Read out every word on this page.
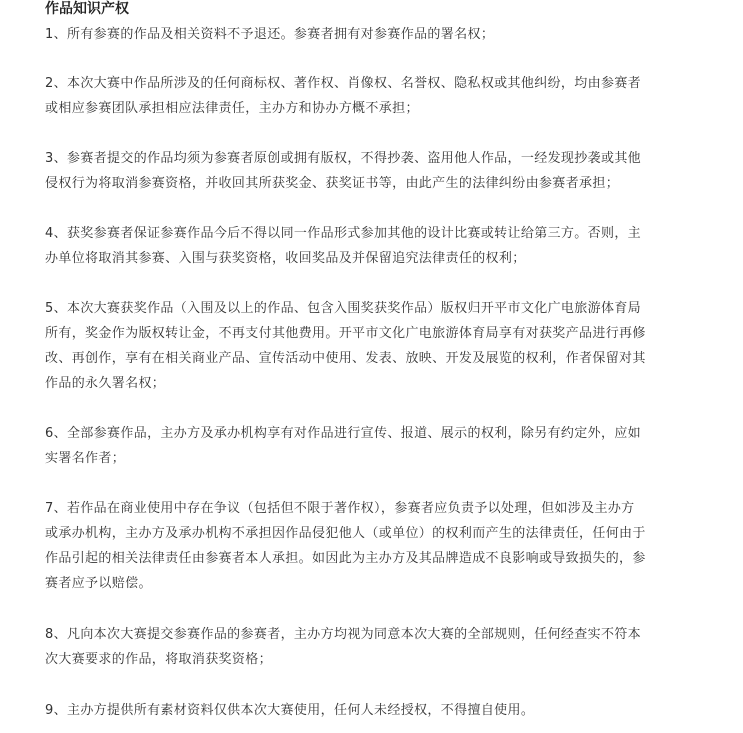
作品知识产权

1、所有参赛的作品及相关资料不予退还。参赛者拥有对参赛作品的署名权；

2、本次大赛中作品所涉及的任何商标权、著作权、肖像权、名誉权、隐私权或其他纠纷，均由参赛者
或相应参赛团队承担相应法律责任，主办方和协办方概不承担；

3、参赛者提交的作品均须为参赛者原创或拥有版权，不得抄袭、盗用他人作品，一经发现抄袭或其他
侵权行为将取消参赛资格，并收回其所获奖金、获奖证书等，由此产生的法律纠纷由参赛者承担；

4、获奖参赛者保证参赛作品今后不得以同一作品形式参加其他的设计比赛或转让给第三方。否则，主
办单位将取消其参赛、入围与获奖资格，收回奖品及并保留追究法律责任的权利；

5、本次大赛获奖作品（入围及以上的作品、包含入围奖获奖作品）版权归开平市文化广电旅游体育局
所有，奖金作为版权转让金，不再支付其他费用。开平市文化广电旅游体育局享有对获奖产品进行再修
改、再创作，享有在相关商业产品、宣传活动中使用、发表、放映、开发及展览的权利，作者保留对其
作品的永久署名权；

6、全部参赛作品，主办方及承办机构享有对作品进行宣传、报道、展示的权利，除另有约定外，应如
实署名作者；

7、若作品在商业使用中存在争议（包括但不限于著作权），参赛者应负责予以处理，但如涉及主办方
或承办机构，主办方及承办机构不承担因作品侵犯他人（或单位）的权利而产生的法律责任，任何由于
作品引起的相关法律责任由参赛者本人承担。如因此为主办方及其品牌造成不良影响或导致损失的，参
赛者应予以赔偿。

8、凡向本次大赛提交参赛作品的参赛者，主办方均视为同意本次大赛的全部规则，任何经查实不符本
次大赛要求的作品，将取消获奖资格；

9、主办方提供所有素材资料仅供本次大赛使用，任何人未经授权，不得擅自使用。
